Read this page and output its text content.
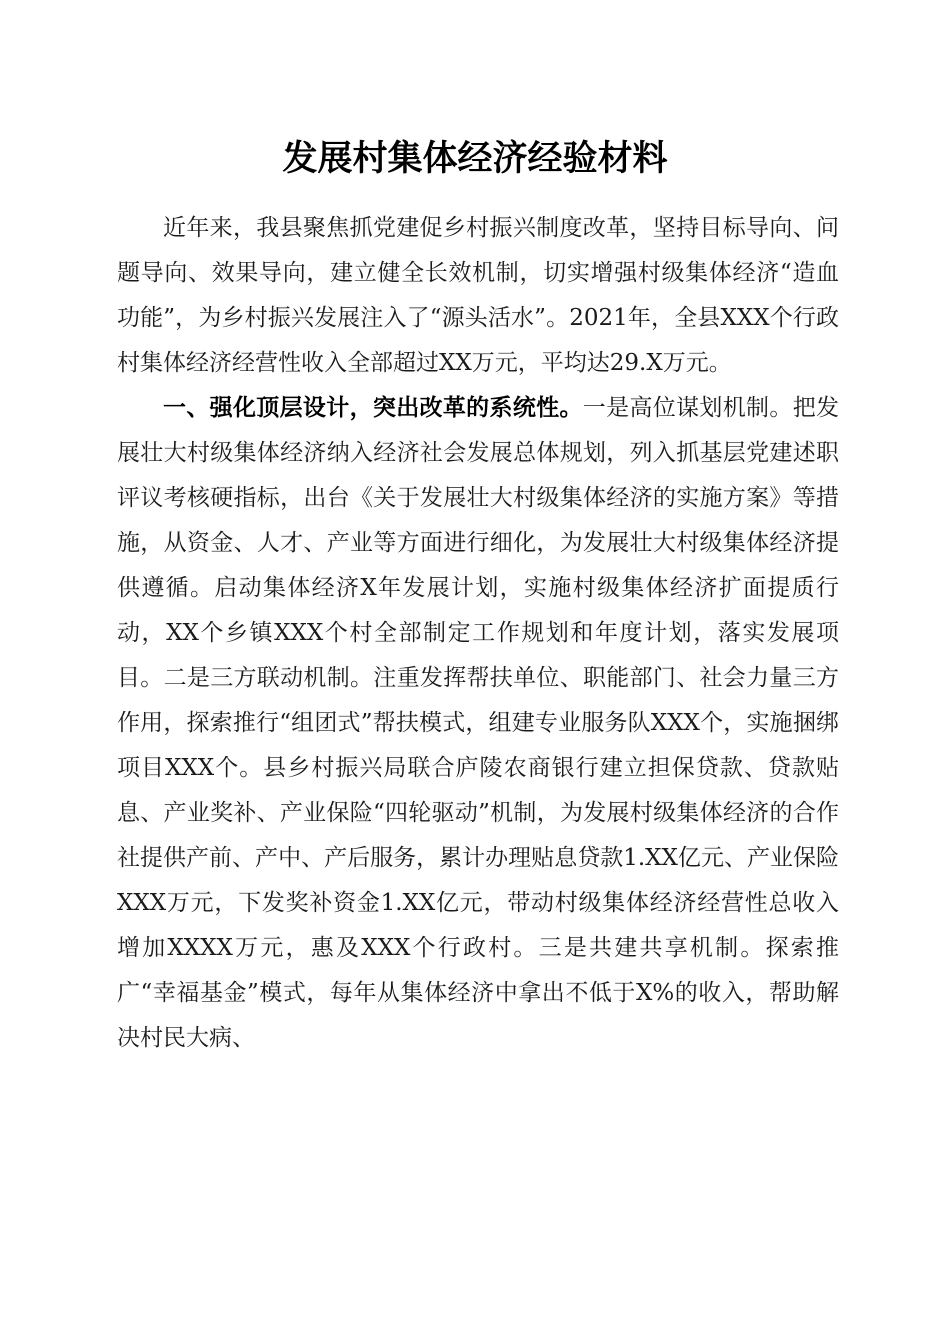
发展村集体经济经验材料

近年来，我县聚焦抓党建促乡村振兴制度改革，坚持目标导向、问题导向、效果导向，建立健全长效机制，切实增强村级集体经济“造血功能”，为乡村振兴发展注入了“源头活水”。2021年，全县XXX个行政村集体经济经营性收入全部超过XX万元，平均达29.X万元。

一、强化顶层设计，突出改革的系统性。一是高位谋划机制。把发展壮大村级集体经济纳入经济社会发展总体规划，列入抓基层党建述职评议考核硬指标，出台《关于发展壮大村级集体经济的实施方案》等措施，从资金、人才、产业等方面进行细化，为发展壮大村级集体经济提供遵循。启动集体经济X年发展计划，实施村级集体经济扩面提质行动，XX个乡镇XXX个村全部制定工作规划和年度计划，落实发展项目。二是三方联动机制。注重发挥帮扶单位、职能部门、社会力量三方作用，探索推行“组团式”帮扶模式，组建专业服务队XXX个，实施捆绑项目XXX个。县乡村振兴局联合庐陵农商银行建立担保贷款、贷款贴息、产业奖补、产业保险“四轮驱动”机制，为发展村级集体经济的合作社提供产前、产中、产后服务，累计办理贴息贷款1.XX亿元、产业保险XXX万元，下发奖补资金1.XX亿元，带动村级集体经济经营性总收入增加XXXX万元，惠及XXX个行政村。三是共建共享机制。探索推广“幸福基金”模式，每年从集体经济中拿出不低于X%的收入，帮助解决村民大病、
